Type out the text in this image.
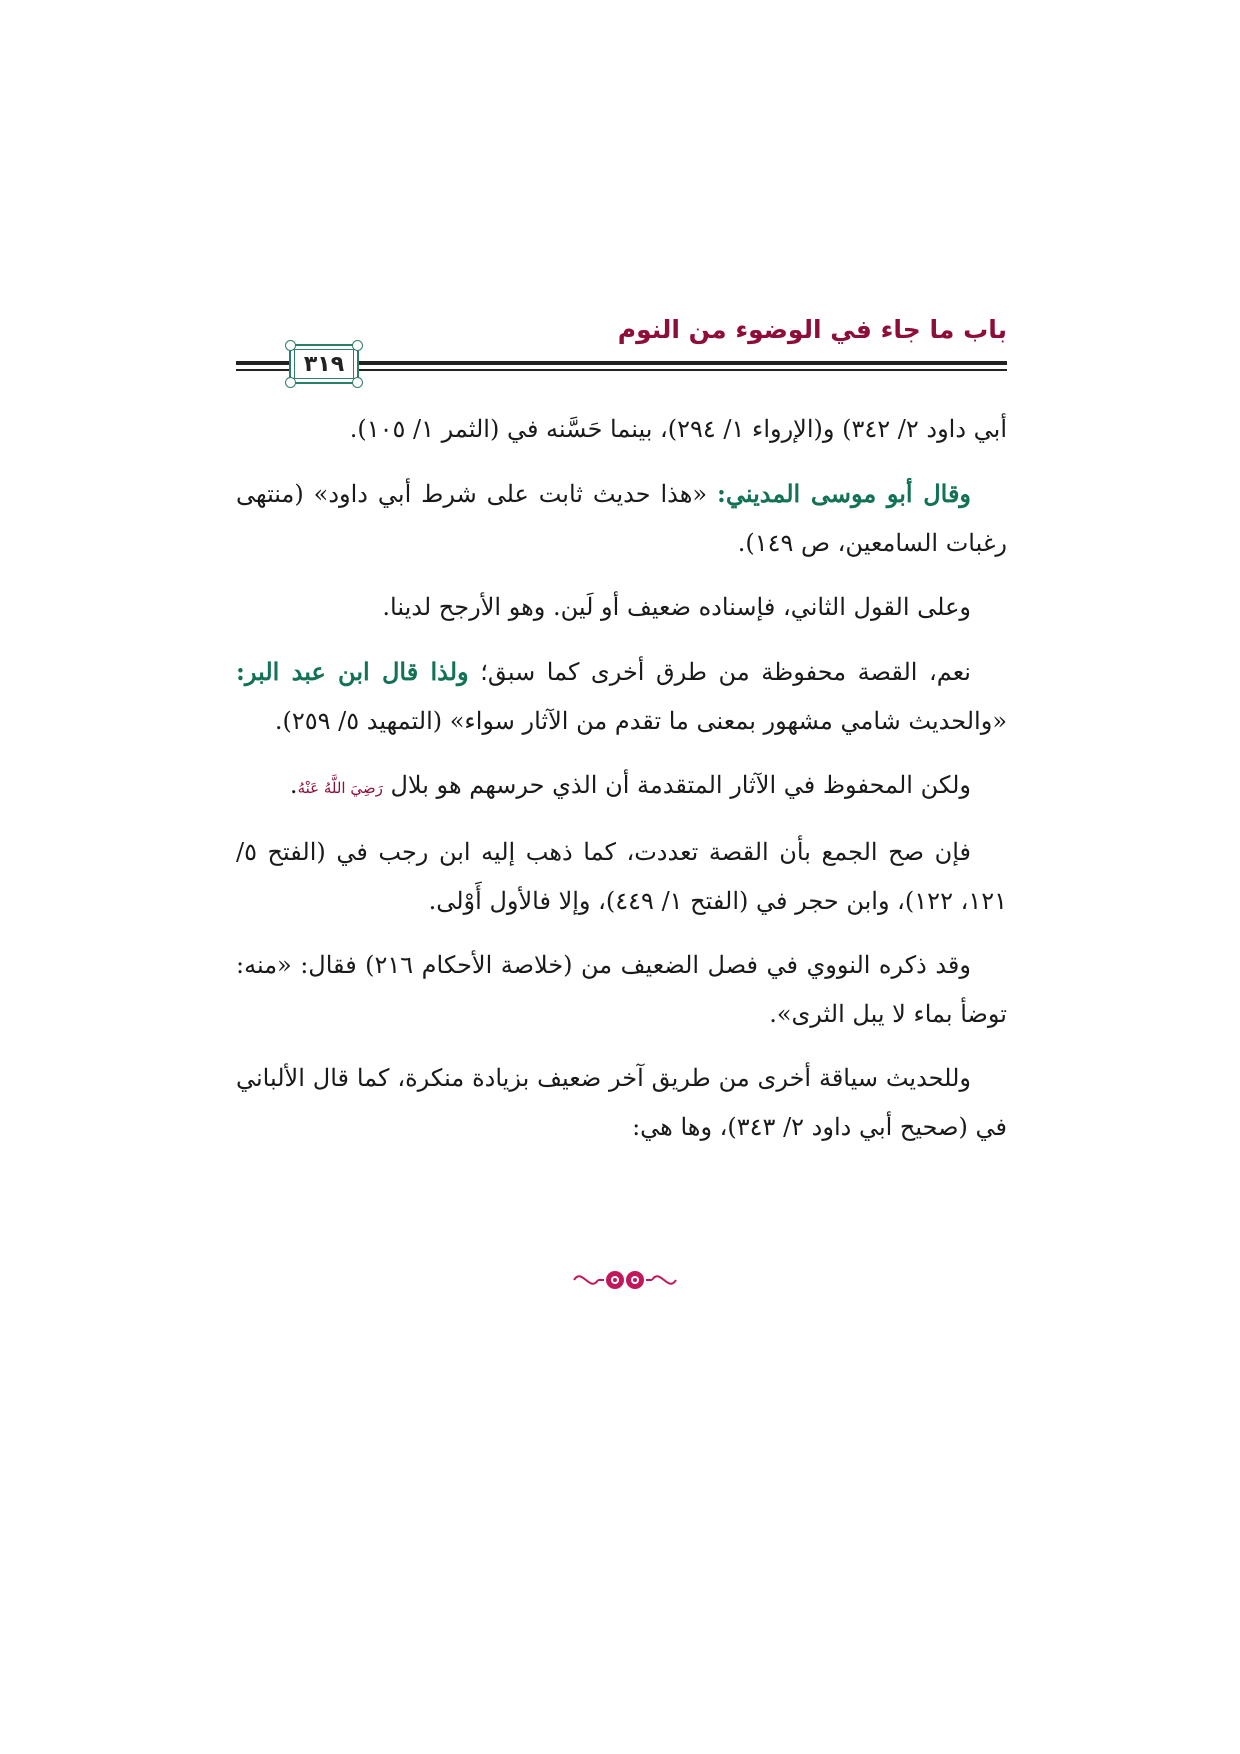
باب ما جاء في الوضوء من النوم
٣١٩

أبي داود ٢/ ٣٤٢) و(الإرواء ١/ ٢٩٤)، بينما حَسَّنه في (الثمر ١/ ١٠٥).

وقال أبو موسى المديني: «هذا حديث ثابت على شرط أبي داود» (منتهى رغبات السامعين، ص ١٤٩).

وعلى القول الثاني، فإسناده ضعيف أو لَين. وهو الأرجح لدينا.

نعم، القصة محفوظة من طرق أخرى كما سبق؛ ولذا قال ابن عبد البر: «والحديث شامي مشهور بمعنى ما تقدم من الآثار سواء» (التمهيد ٥/ ٢٥٩).

ولكن المحفوظ في الآثار المتقدمة أن الذي حرسهم هو بلال رَضِيَ اللَّهُ عَنْهُ.

فإن صح الجمع بأن القصة تعددت، كما ذهب إليه ابن رجب في (الفتح ٥/ ١٢١، ١٢٢)، وابن حجر في (الفتح ١/ ٤٤٩)، وإلا فالأول أَوْلى.

وقد ذكره النووي في فصل الضعيف من (خلاصة الأحكام ٢١٦) فقال: «منه: توضأ بماء لا يبل الثرى».

وللحديث سياقة أخرى من طريق آخر ضعيف بزيادة منكرة، كما قال الألباني في (صحيح أبي داود ٢/ ٣٤٣)، وها هي:
